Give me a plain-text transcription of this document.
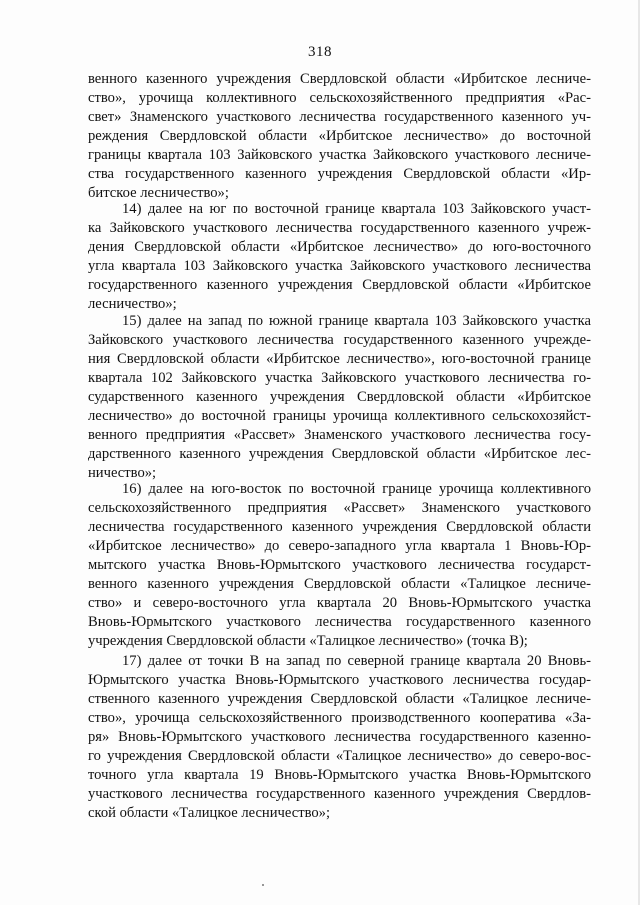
318
венного казенного учреждения Свердловской области «Ирбитское лесниче-
ство», урочища коллективного сельскохозяйственного предприятия «Рас-
свет» Знаменского участкового лесничества государственного казенного уч-
реждения Свердловской области «Ирбитское лесничество» до восточной
границы квартала 103 Зайковского участка Зайковского участкового лесниче-
ства государственного казенного учреждения Свердловской области «Ир-
битское лесничество»;
14) далее на юг по восточной границе квартала 103 Зайковского участ-
ка Зайковского участкового лесничества государственного казенного учреж-
дения Свердловской области «Ирбитское лесничество» до юго-восточного
угла квартала 103 Зайковского участка Зайковского участкового лесничества
государственного казенного учреждения Свердловской области «Ирбитское
лесничество»;
15) далее на запад по южной границе квартала 103 Зайковского участка
Зайковского участкового лесничества государственного казенного учрежде-
ния Свердловской области «Ирбитское лесничество», юго-восточной границе
квартала 102 Зайковского участка Зайковского участкового лесничества го-
сударственного казенного учреждения Свердловской области «Ирбитское
лесничество» до восточной границы урочища коллективного сельскохозяйст-
венного предприятия «Рассвет» Знаменского участкового лесничества госу-
дарственного казенного учреждения Свердловской области «Ирбитское лес-
ничество»;
16) далее на юго-восток по восточной границе урочища коллективного
сельскохозяйственного предприятия «Рассвет» Знаменского участкового
лесничества государственного казенного учреждения Свердловской области
«Ирбитское лесничество» до северо-западного угла квартала 1 Вновь-Юр-
мытского участка Вновь-Юрмытского участкового лесничества государст-
венного казенного учреждения Свердловской области «Талицкое лесниче-
ство» и северо-восточного угла квартала 20 Вновь-Юрмытского участка
Вновь-Юрмытского участкового лесничества государственного казенного
учреждения Свердловской области «Талицкое лесничество» (точка В);
17) далее от точки В на запад по северной границе квартала 20 Вновь-
Юрмытского участка Вновь-Юрмытского участкового лесничества государ-
ственного казенного учреждения Свердловской области «Талицкое лесниче-
ство», урочища сельскохозяйственного производственного кооператива «За-
ря» Вновь-Юрмытского участкового лесничества государственного казенно-
го учреждения Свердловской области «Талицкое лесничество» до северо-вос-
точного угла квартала 19 Вновь-Юрмытского участка Вновь-Юрмытского
участкового лесничества государственного казенного учреждения Свердлов-
ской области «Талицкое лесничество»;
